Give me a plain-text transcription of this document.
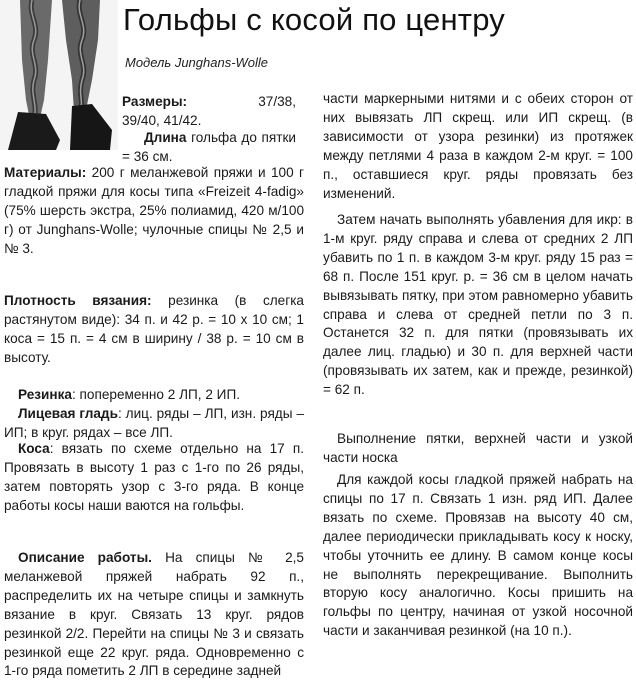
Гольфы с косой по центру
Модель Junghans-Wolle

Размеры:	37/38,

39/40, 41/42.

Длина гольфа до пятки = 36 см.

Материалы: 200 г меланжевой пряжи и 100 г гладкой пряжи для косы типа «Freizeit 4-fadig» (75% шерсть экстра, 25% полиамид, 420 м/100 г) от Junghans-Wolle; чулочные спицы № 2,5 и № 3.

Плотность вязания: резинка (в слегка растянутом виде): 34 п. и 42 р. = 10 х 10 см; 1 коса = 15 п. = 4 см в ширину / 38 р. = 10 см в высоту.

Резинка: попеременно 2 ЛП, 2 ИП.

Лицевая гладь: лиц. ряды – ЛП, изн. ряды – ИП; в круг. рядах – все ЛП.

Коса: вязать по схеме отдельно на 17 п. Провязать в высоту 1 раз с 1-го по 26 ряды, затем повторять узор с 3-го ряда. В конце работы косы наши ваются на гольфы.

Описание работы. На спицы № 2,5 меланжевой пряжей набрать 92 п., распределить их на четыре спицы и замкнуть вязание в круг. Связать 13 круг. рядов резинкой 2/2. Перейти на спицы № 3 и связать резинкой еще 22 круг. ряда. Одновременно с 1-го ряда пометить 2 ЛП в середине задней

части маркерными нитями и с обеих сторон от них вывязать ЛП скрещ. или ИП скрещ. (в зависимости от узора резинки) из протяжек между петлями 4 раза в каждом 2-м круг. = 100 п., оставшиеся круг. ряды провязать без изменений.

Затем начать выполнять убавления для икр: в 1-м круг. ряду справа и слева от средних 2 ЛП убавить по 1 п. в каждом 3-м круг. ряду 15 раз = 68 п. После 151 круг. р. = 36 см в целом начать вывязывать пятку, при этом равномерно убавить справа и слева от средней петли по 3 п. Останется 32 п. для пятки (провязывать их далее лиц. гладью) и 30 п. для верхней части (провязывать их затем, как и прежде, резинкой) = 62 п.

Выполнение пятки, верхней части и узкой части носка

Для каждой косы гладкой пряжей набрать на спицы по 17 п. Связать 1 изн. ряд ИП. Далее вязать по схеме. Провязав на высоту 40 см, далее периодически прикладывать косу к носку, чтобы уточнить ее длину. В самом конце косы не выполнять перекрещивание. Выполнить вторую косу аналогично. Косы пришить на гольфы по центру, начиная от узкой носочной части и заканчивая резинкой (на 10 п.).
